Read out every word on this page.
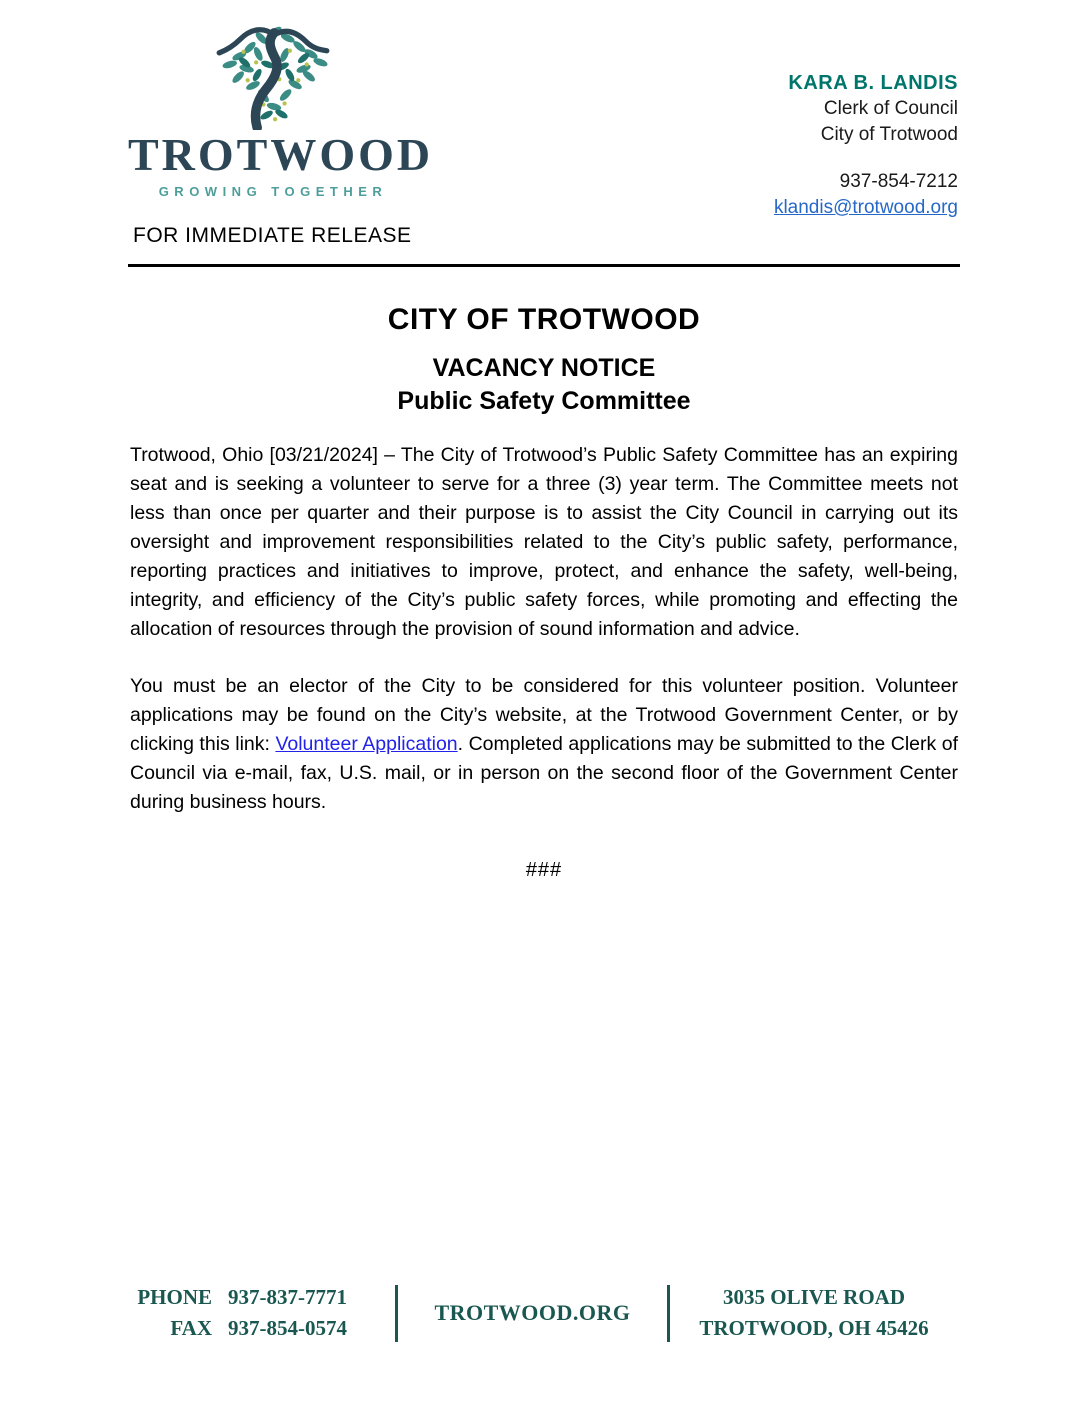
TROTWOOD
GROWING TOGETHER
KARA B. LANDIS
Clerk of Council
City of Trotwood
937-854-7212
klandis@trotwood.org
FOR IMMEDIATE RELEASE
CITY OF TROTWOOD
VACANCY NOTICE
Public Safety Committee

Trotwood, Ohio [03/21/2024] – The City of Trotwood’s Public Safety Committee has an expiring seat and is seeking a volunteer to serve for a three (3) year term. The Committee meets not less than once per quarter and their purpose is to assist the City Council in carrying out its oversight and improvement responsibilities related to the City’s public safety, performance, reporting practices and initiatives to improve, protect, and enhance the safety, well-being, integrity, and efficiency of the City’s public safety forces, while promoting and effecting the allocation of resources through the provision of sound information and advice.

You must be an elector of the City to be considered for this volunteer position. Volunteer applications may be found on the City’s website, at the Trotwood Government Center, or by clicking this link: Volunteer Application. Completed applications may be submitted to the Clerk of Council via e-mail, fax, U.S. mail, or in person on the second floor of the Government Center during business hours.

###
PHONE 937-837-7771
FAX 937-854-0574
TROTWOOD.ORG
3035 OLIVE ROAD
TROTWOOD, OH 45426
